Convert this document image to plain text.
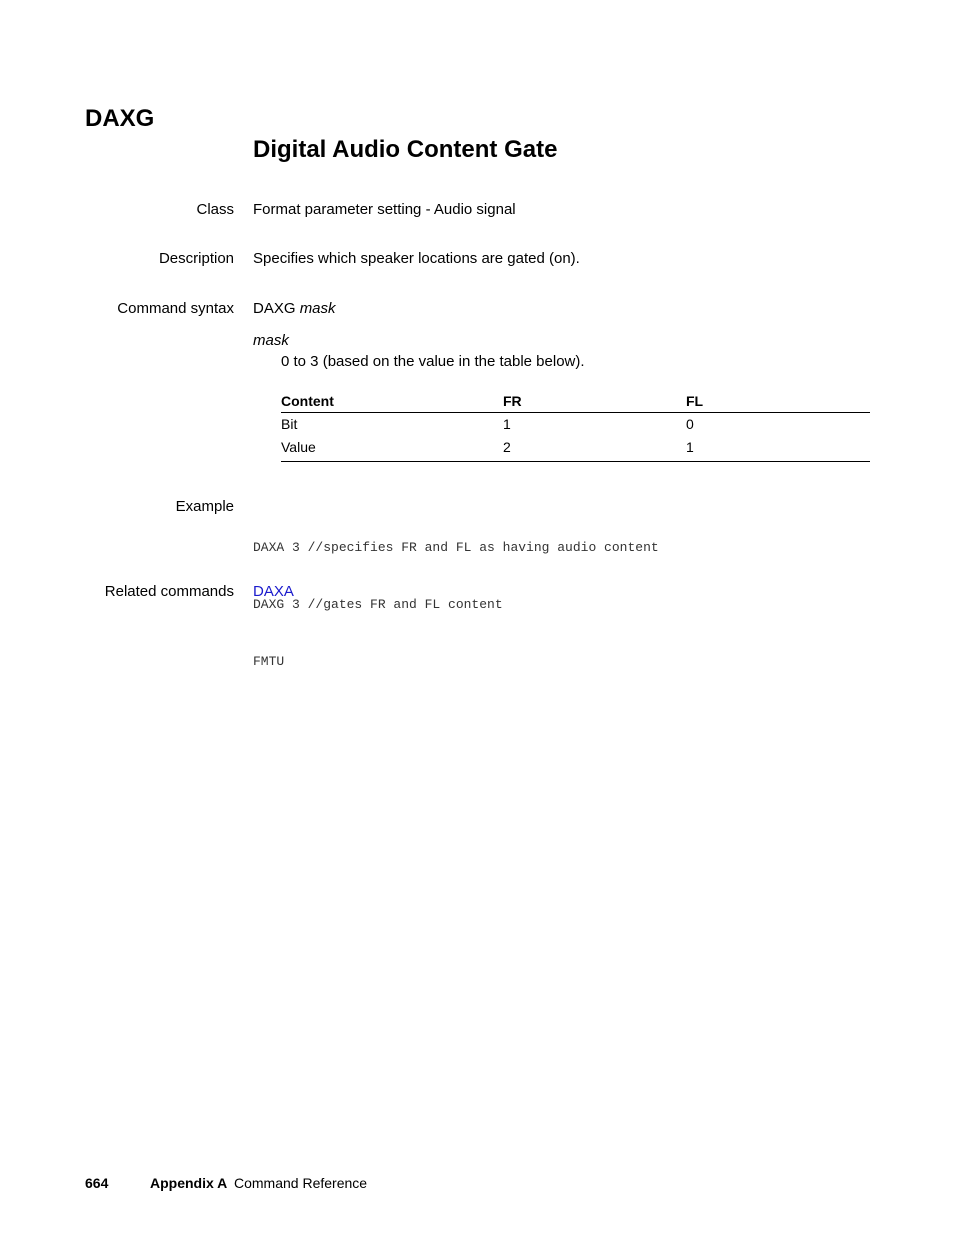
DAXG
Digital Audio Content Gate
Class Format parameter setting - Audio signal
Description Specifies which speaker locations are gated (on).
Command syntax DAXG mask
mask
0 to 3 (based on the value in the table below).
Content	FR	FL
Bit	1	0
Value	2	1
Example

DAXA 3 //specifies FR and FL as having audio content

DAXG 3 //gates FR and FL content

FMTU

Related commands DAXA
664	Appendix A Command Reference
